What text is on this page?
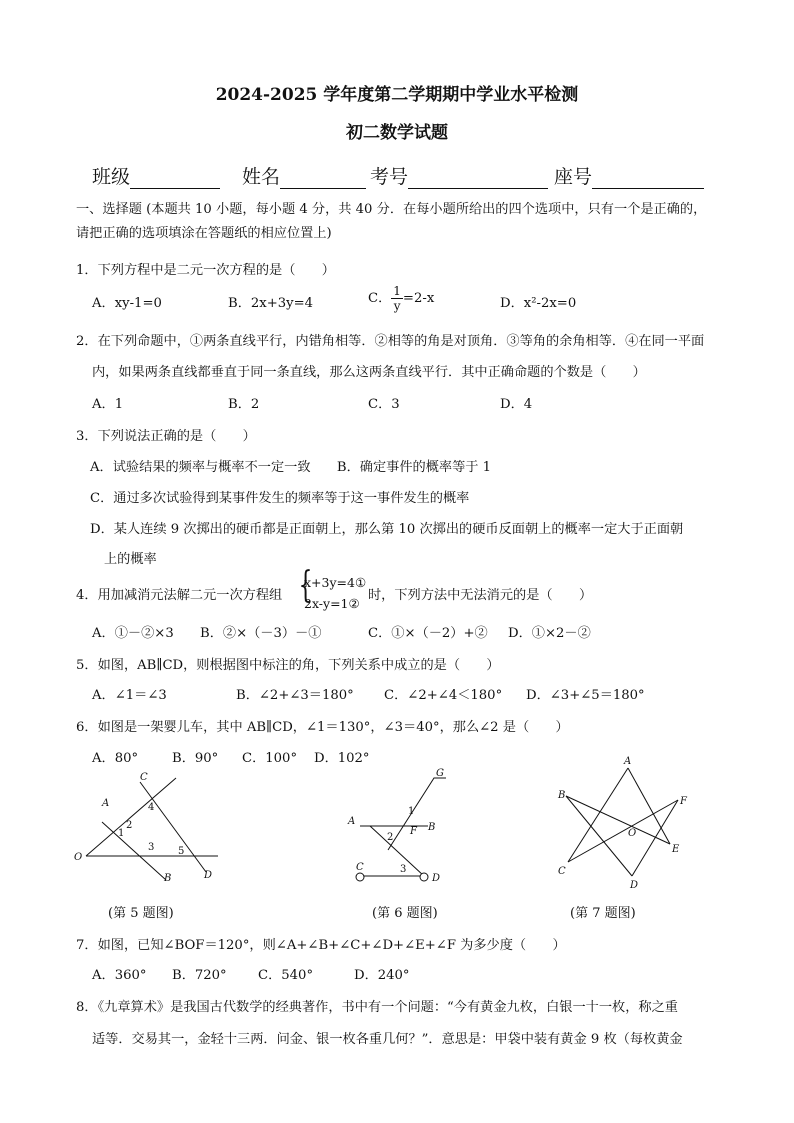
2024-2025 学年度第二学期期中学业水平检测
初二数学试题
班级	姓名	考号	座号
一、选择题 (本题共 10 小题，每小题 4 分，共 40 分．在每小题所给出的四个选项中，只有一个是正确的，
请把正确的选项填涂在答题纸的相应位置上)
1．下列方程中是二元一次方程的是（　　）
A．xy-1=0	B．2x+3y=4	C． $\frac{1}{y} =2-x$	D．x²-2x=0
2．在下列命题中，①两条直线平行，内错角相等．②相等的角是对顶角．③等角的余角相等．④在同一平面
内，如果两条直线都垂直于同一条直线，那么这两条直线平行．其中正确命题的个数是（　　）
A．1	B．2	C．3	D．4
3．下列说法正确的是（　　）
A．试验结果的频率与概率不一定一致　　B．确定事件的概率等于 1
C．通过多次试验得到某事件发生的频率等于这一事件发生的概率
D．某人连续 9 次掷出的硬币都是正面朝上，那么第 10 次掷出的硬币反面朝上的概率一定大于正面朝
上的概率
4．用加减消元法解二元一次方程组 {
x+3y=4①
2x-y=1②
时，下列方法中无法消元的是（　　）
A．①－②×3 B．②×（－3）－①	C．①×（－2）+② D．①×2－②
5．如图，AB∥CD，则根据图中标注的角，下列关系中成立的是（　　）
A．∠1＝∠3	B．∠2+∠3＝180° C．∠2+∠4＜180° D．∠3+∠5＝180°
6．如图是一架婴儿车，其中 AB∥CD，∠1＝130°，∠3＝40°，那么∠2 是（　　）
A．80°	B．90° C．100° D．102°
C
A
O
B	D
1
2
3
4
5
(第 5 题图)
G
A
B
F
C
D
1
2
3
(第 6 题图)
A
B
F
O
C
E
D
(第 7 题图)
7．如图，已知∠BOF＝120°，则∠A+∠B+∠C+∠D+∠E+∠F 为多少度（　　）
A．360° B．720° C．540°	D．240°
8．《九章算术》是我国古代数学的经典著作，书中有一个问题：“今有黄金九枚，白银一十一枚，称之重
适等．交易其一，金轻十三两．问金、银一枚各重几何？”．意思是：甲袋中装有黄金 9 枚（每枚黄金
